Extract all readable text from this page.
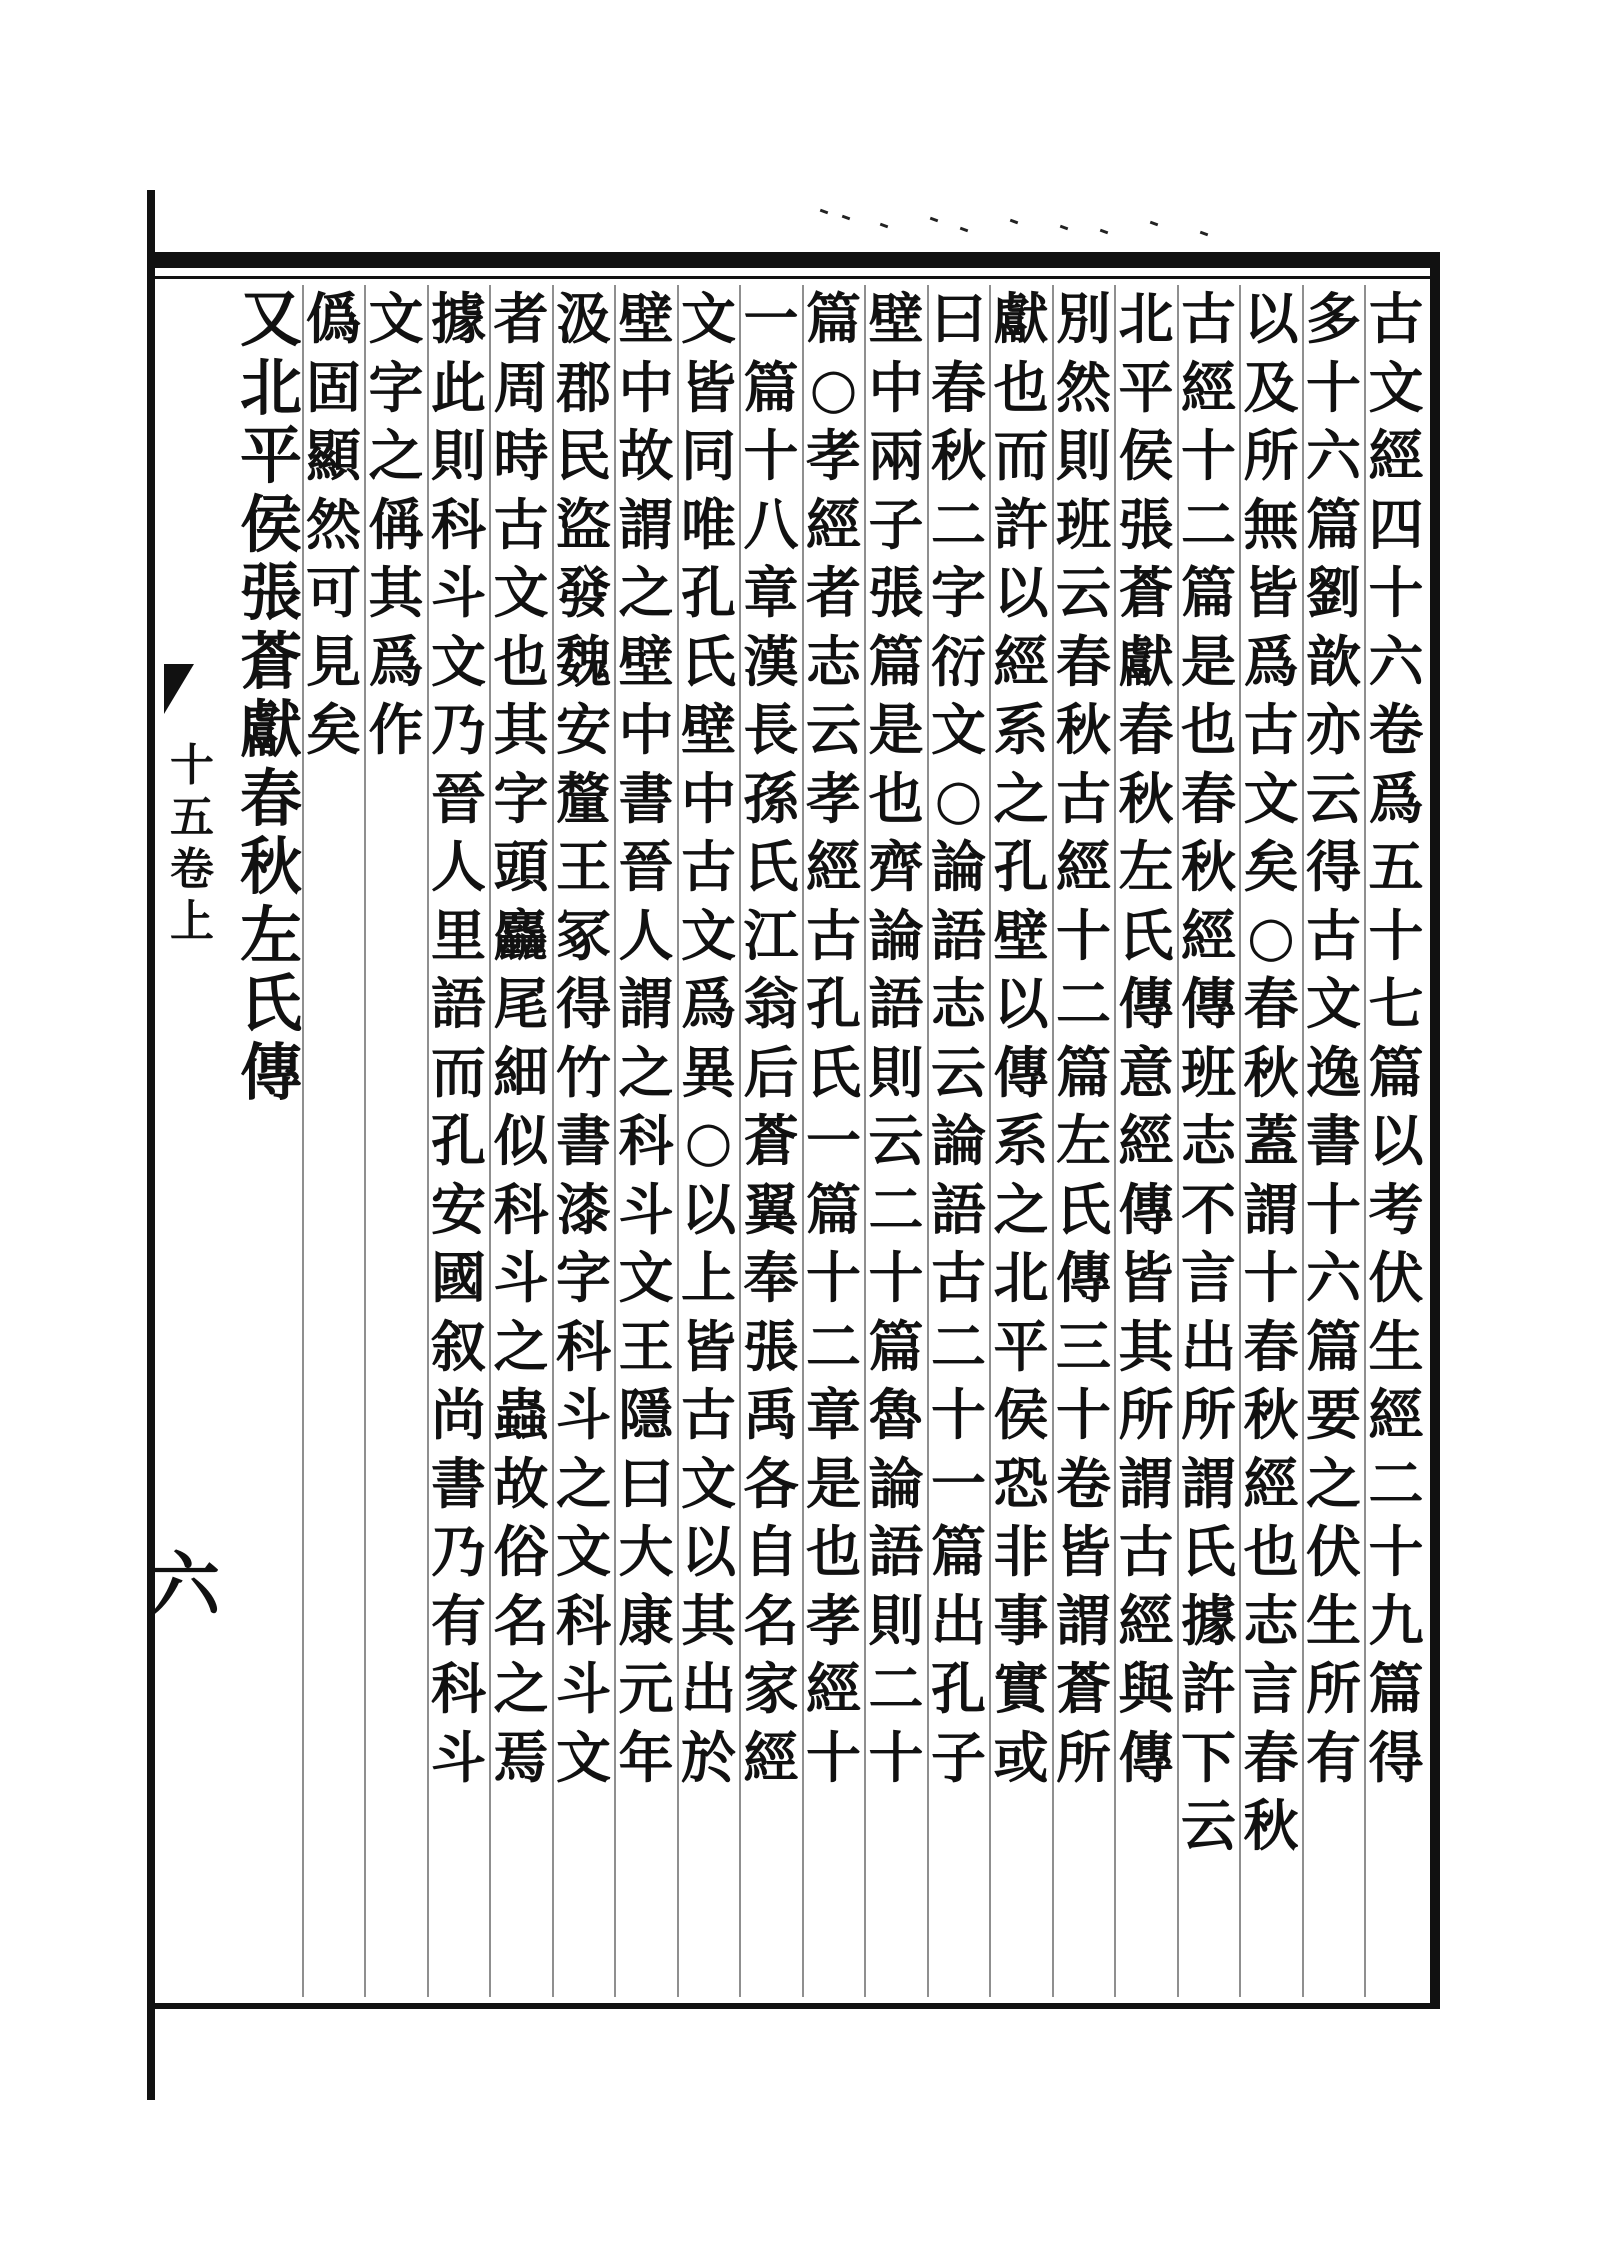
十
五
卷
上
六
古
文
經
四
十
六
卷
爲
五
十
七
篇
以
考
伏
生
經
二
十
九
篇
得
多
十
六
篇
劉
歆
亦
云
得
古
文
逸
書
十
六
篇
要
之
伏
生
所
有
以
及
所
無
皆
爲
古
文
矣
○
春
秋
蓋
謂
十
春
秋
經
也
志
言
春
秋
古
經
十
二
篇
是
也
春
秋
經
傳
班
志
不
言
出
所
謂
氏
據
許
下
云
北
平
侯
張
蒼
獻
春
秋
左
氏
傳
意
經
傳
皆
其
所
謂
古
經
與
傳
別
然
則
班
云
春
秋
古
經
十
二
篇
左
氏
傳
三
十
卷
皆
謂
蒼
所
獻
也
而
許
以
經
系
之
孔
壁
以
傳
系
之
北
平
侯
恐
非
事
實
或
曰
春
秋
二
字
衍
文
○
論
語
志
云
論
語
古
二
十
一
篇
出
孔
子
壁
中
兩
子
張
篇
是
也
齊
論
語
則
云
二
十
篇
魯
論
語
則
二
十
篇
○
孝
經
者
志
云
孝
經
古
孔
氏
一
篇
十
二
章
是
也
孝
經
十
一
篇
十
八
章
漢
長
孫
氏
江
翁
后
蒼
翼
奉
張
禹
各
自
名
家
經
文
皆
同
唯
孔
氏
壁
中
古
文
爲
異
○
以
上
皆
古
文
以
其
出
於
壁
中
故
謂
之
壁
中
書
晉
人
謂
之
科
斗
文
王
隱
曰
大
康
元
年
汲
郡
民
盜
發
魏
安
釐
王
冢
得
竹
書
漆
字
科
斗
之
文
科
斗
文
者
周
時
古
文
也
其
字
頭
麤
尾
細
似
科
斗
之
蟲
故
俗
名
之
焉
據
此
則
科
斗
文
乃
晉
人
里
語
而
孔
安
國
叙
尚
書
乃
有
科
斗
文
字
之
偁
其
爲
作
僞
固
顯
然
可
見
矣
又
北
平
侯
張
蒼
獻
春
秋
左
氏
傳
